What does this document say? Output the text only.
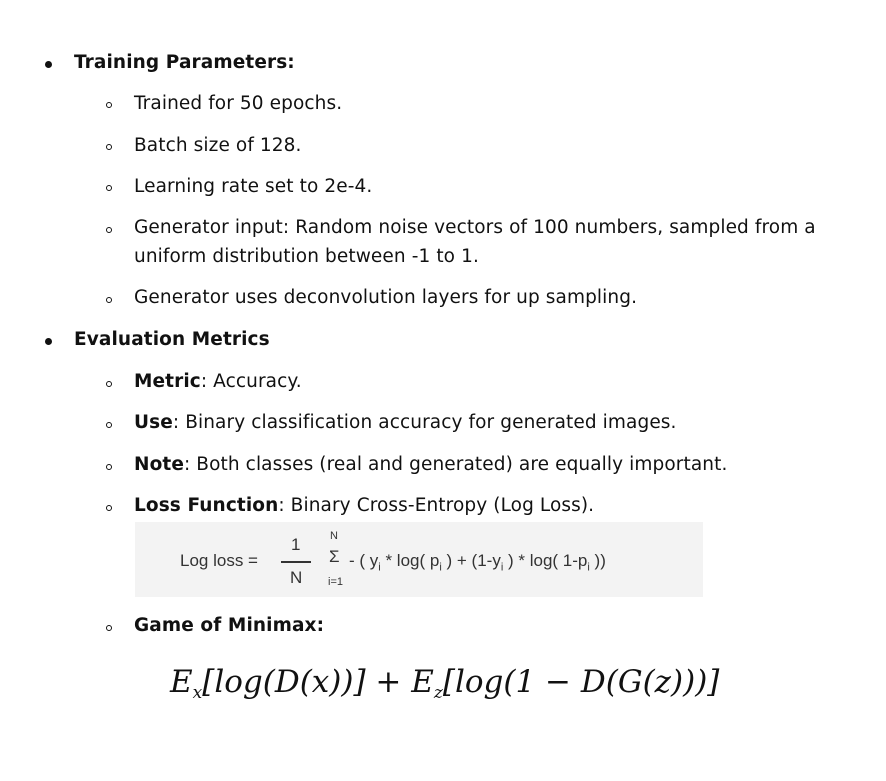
Training Parameters:
Trained for 50 epochs.
Batch size of 128.
Learning rate set to 2e-4.
Generator input: Random noise vectors of 100 numbers, sampled from a
uniform distribution between -1 to 1.
Generator uses deconvolution layers for up sampling.
Evaluation Metrics
Metric: Accuracy.
Use: Binary classification accuracy for generated images.
Note: Both classes (real and generated) are equally important.
Loss Function: Binary Cross-Entropy (Log Loss).
Log loss =
1
N
N
Σ
i=1
- ( $y_i * \log$( $p_i$ ) + ($1-y_i$ ) * log( $1-p_i$ ))
Game of Minimax:
$E_x[\log(D(x))] + E_z[\log(1 - D(G(z)))]$
